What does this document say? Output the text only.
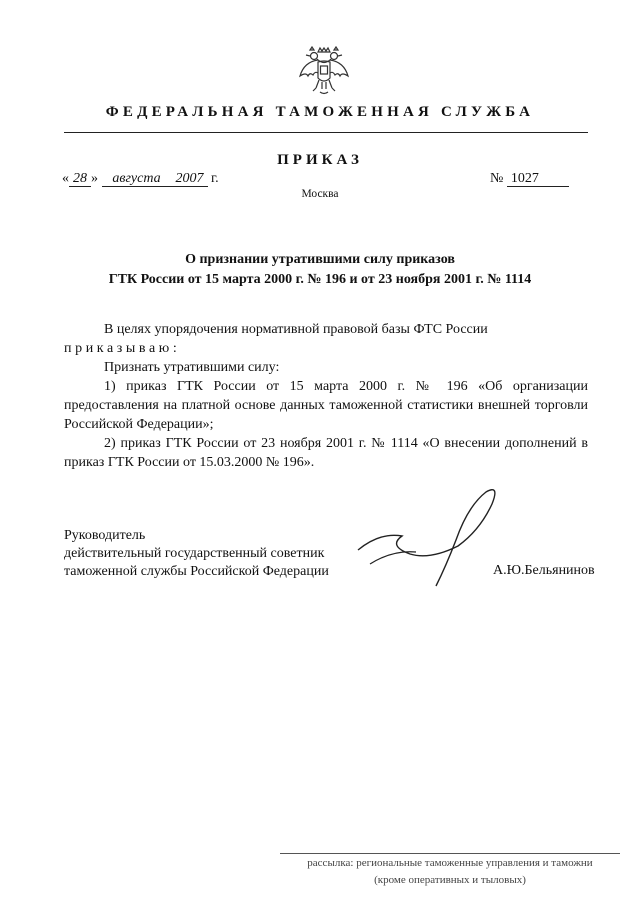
ФЕДЕРАЛЬНАЯ ТАМОЖЕННАЯ СЛУЖБА
ПРИКАЗ
« 28 » августа 2007 г.	№ 1027
Москва
О признании утратившими силу приказов
ГТК России от 15 марта 2000 г. № 196 и от 23 ноября 2001 г. № 1114

В целях упорядочения нормативной правовой базы ФТС России

приказываю:

Признать утратившими силу:

1) приказ ГТК России от 15 марта 2000 г. № 196 «Об организации предоставления на платной основе данных таможенной статистики внешней торговли Российской Федерации»;

2) приказ ГТК России от 23 ноября 2001 г. № 1114 «О внесении дополнений в приказ ГТК России от 15.03.2000 № 196».

Руководитель
действительный государственный советник
таможенной службы Российской Федерации	А.Ю.Бельянинов
рассылка: региональные таможенные управления и таможни
(кроме оперативных и тыловых)
